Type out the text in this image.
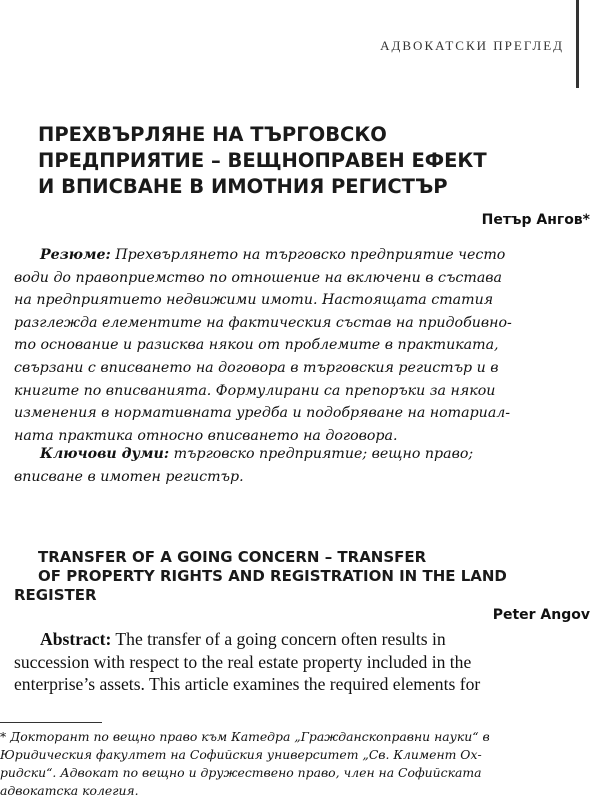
АДВОКАТСКИ ПРЕГЛЕД
ПРЕХВЪРЛЯНЕ НА ТЪРГОВСКО
ПРЕДПРИЯТИЕ – ВЕЩНОПРАВЕН ЕФЕКТ
И ВПИСВАНЕ В ИМОТНИЯ РЕГИСТЪР
Петър Ангов*
Резюме: Прехвърлянето на търговско предприятие често
води до правоприемство по отношение на включени в състава
на предприятието недвижими имоти. Настоящата статия
разглежда елементите на фактическия състав на придобивно-
то основание и разисква някои от проблемите в практиката,
свързани с вписването на договора в търговския регистър и в
книгите по вписванията. Формулирани са препоръки за някои
изменения в нормативната уредба и подобряване на нотариал-
ната практика относно вписването на договора.
Ключови думи: търговско предприятие; вещно право;
вписване в имотен регистър.
TRANSFER OF A GOING CONCERN – TRANSFER
OF PROPERTY RIGHTS AND REGISTRATION IN THE LAND
REGISTER
Peter Angov
Abstract: The transfer of a going concern often results in
succession with respect to the real estate property included in the
enterprise’s assets. This article examines the required elements for
* Докторант по вещно право към Катедра „Гражданскоправни науки“ в
Юридическия факултет на Софийския университет „Св. Климент Ох-
ридски“. Адвокат по вещно и дружествено право, член на Софийската
адвокатска колегия.
